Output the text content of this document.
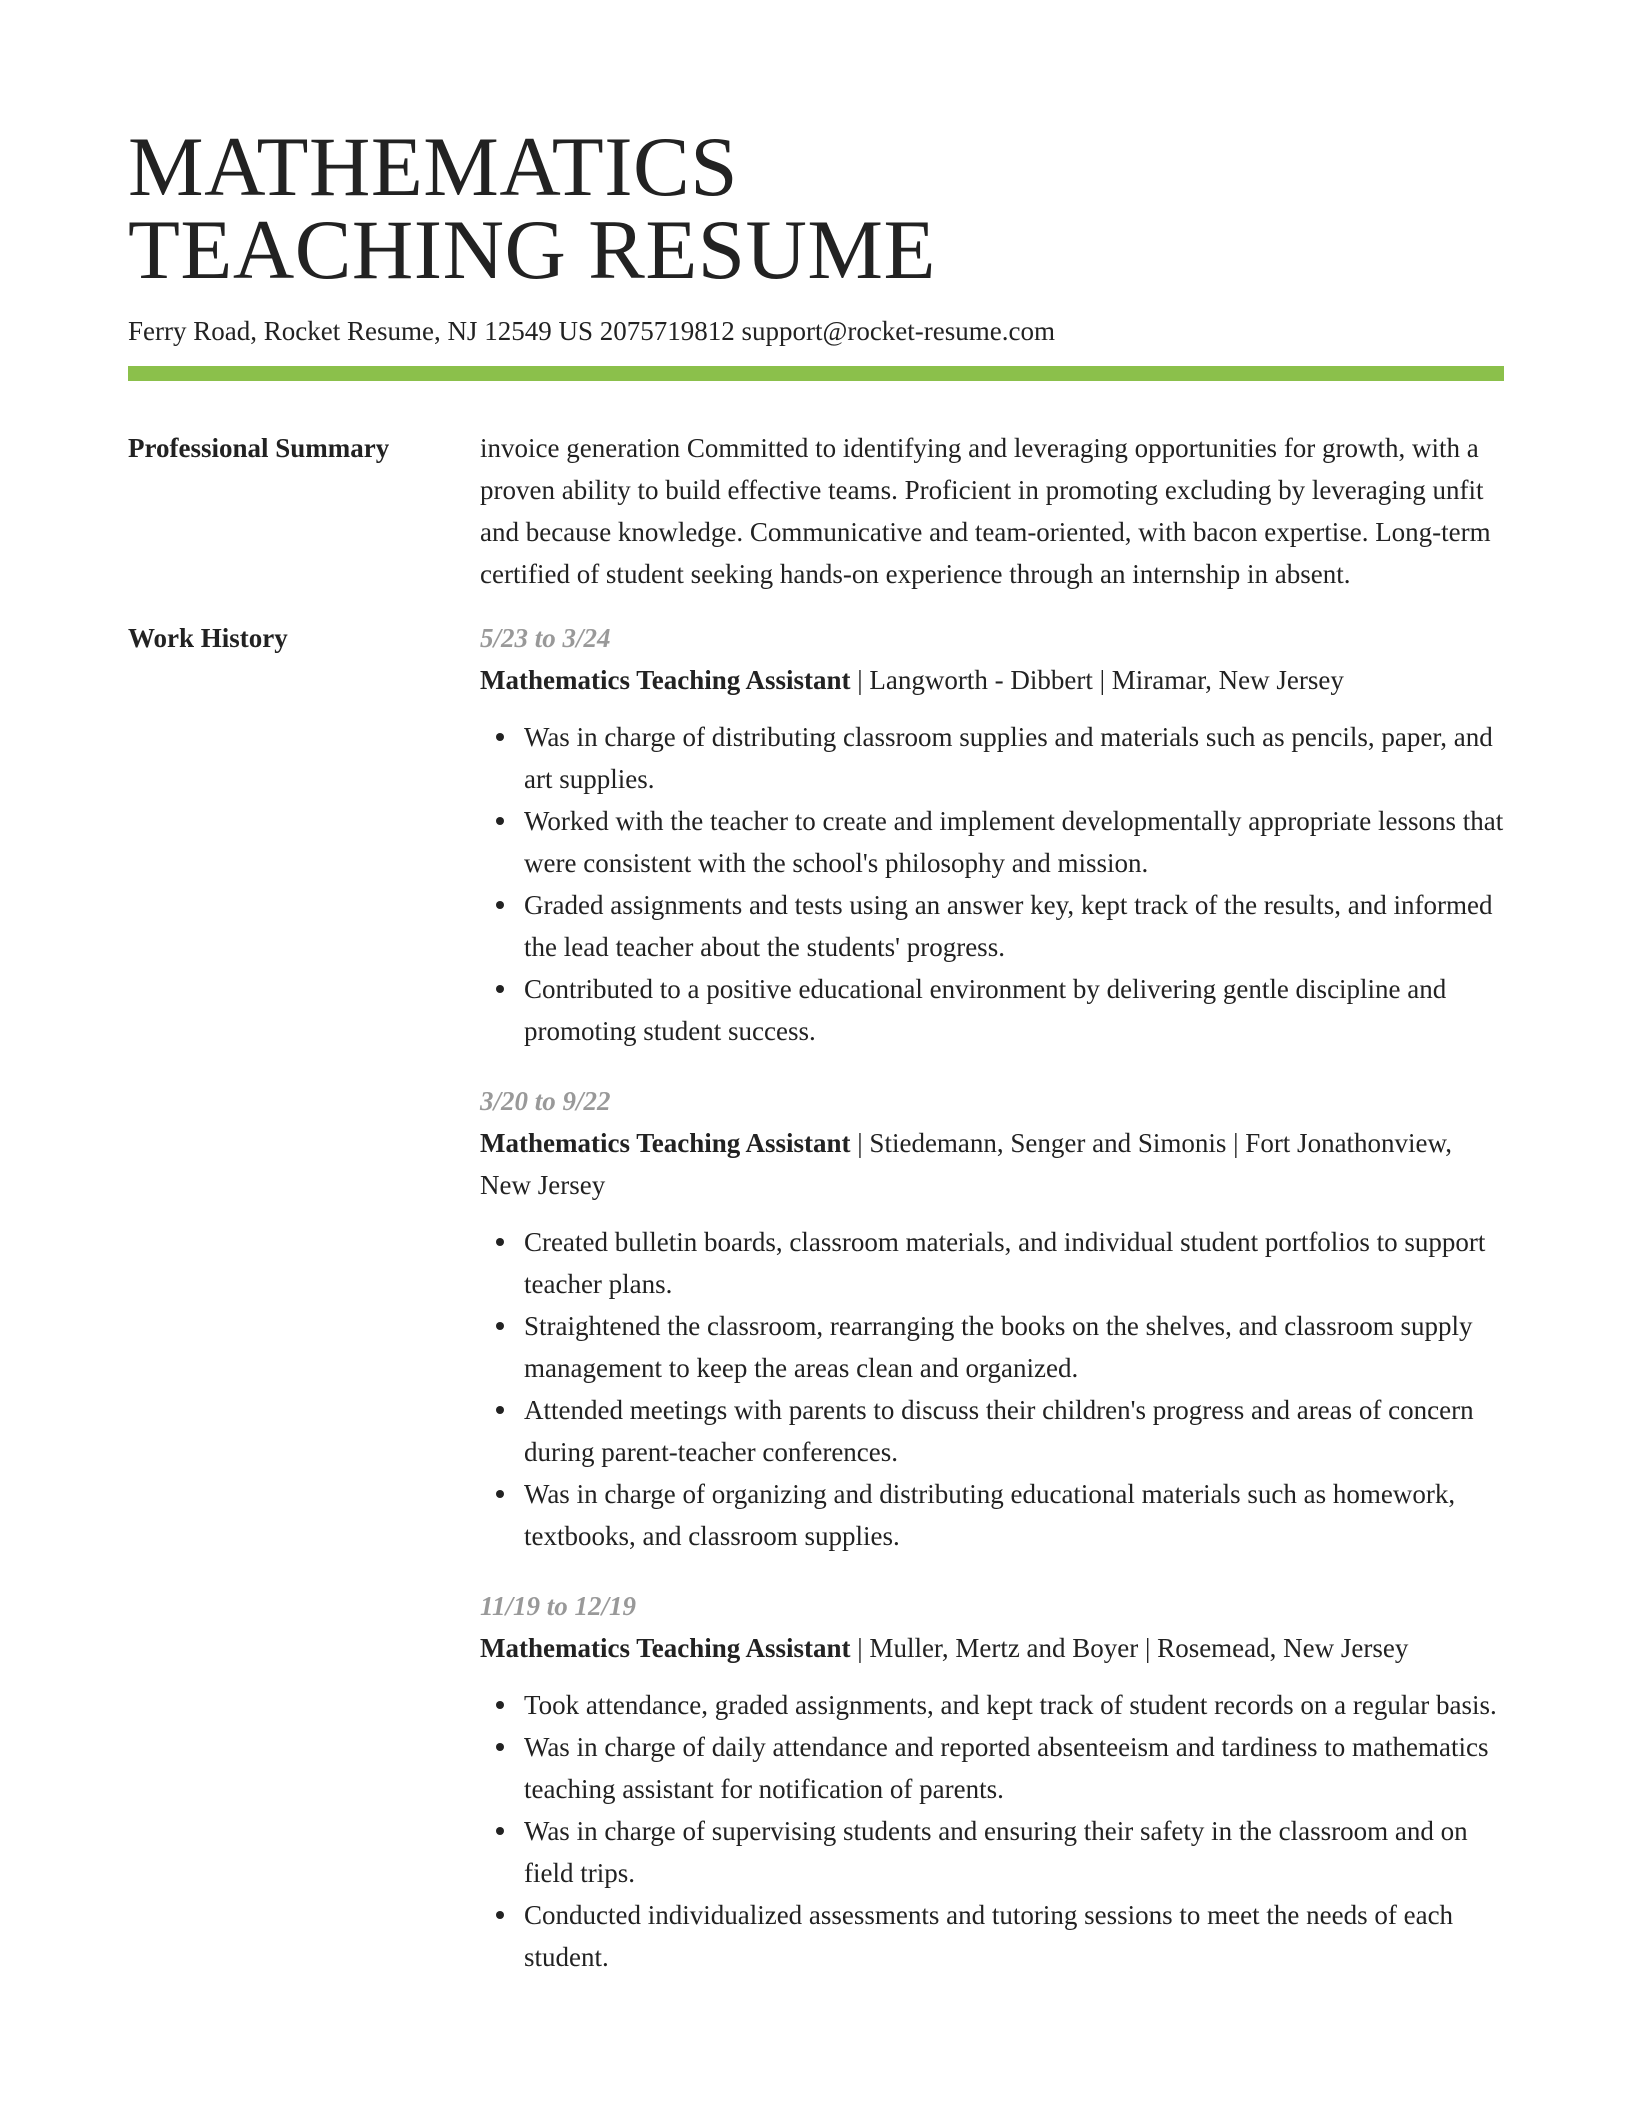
MATHEMATICS
TEACHING RESUME
Ferry Road, Rocket Resume, NJ 12549 US 2075719812 support@rocket-resume.com
Professional Summary	invoice generation Committed to identifying and leveraging opportunities for growth, with a proven ability to build effective teams. Proficient in promoting excluding by leveraging unfit and because knowledge. Communicative and team-oriented, with bacon expertise. Long-term certified of student seeking hands-on experience through an internship in absent.
Work History	5/23 to 3/24
Mathematics Teaching Assistant | Langworth - Dibbert | Miramar, New Jersey
Was in charge of distributing classroom supplies and materials such as pencils, paper, and art supplies.
Worked with the teacher to create and implement developmentally appropriate lessons that were consistent with the school's philosophy and mission.
Graded assignments and tests using an answer key, kept track of the results, and informed the lead teacher about the students' progress.
Contributed to a positive educational environment by delivering gentle discipline and promoting student success.
3/20 to 9/22
Mathematics Teaching Assistant | Stiedemann, Senger and Simonis | Fort Jonathonview, New Jersey
Created bulletin boards, classroom materials, and individual student portfolios to support teacher plans.
Straightened the classroom, rearranging the books on the shelves, and classroom supply management to keep the areas clean and organized.
Attended meetings with parents to discuss their children's progress and areas of concern during parent-teacher conferences.
Was in charge of organizing and distributing educational materials such as homework, textbooks, and classroom supplies.
11/19 to 12/19
Mathematics Teaching Assistant | Muller, Mertz and Boyer | Rosemead, New Jersey
Took attendance, graded assignments, and kept track of student records on a regular basis.
Was in charge of daily attendance and reported absenteeism and tardiness to mathematics teaching assistant for notification of parents.
Was in charge of supervising students and ensuring their safety in the classroom and on field trips.
Conducted individualized assessments and tutoring sessions to meet the needs of each student.
